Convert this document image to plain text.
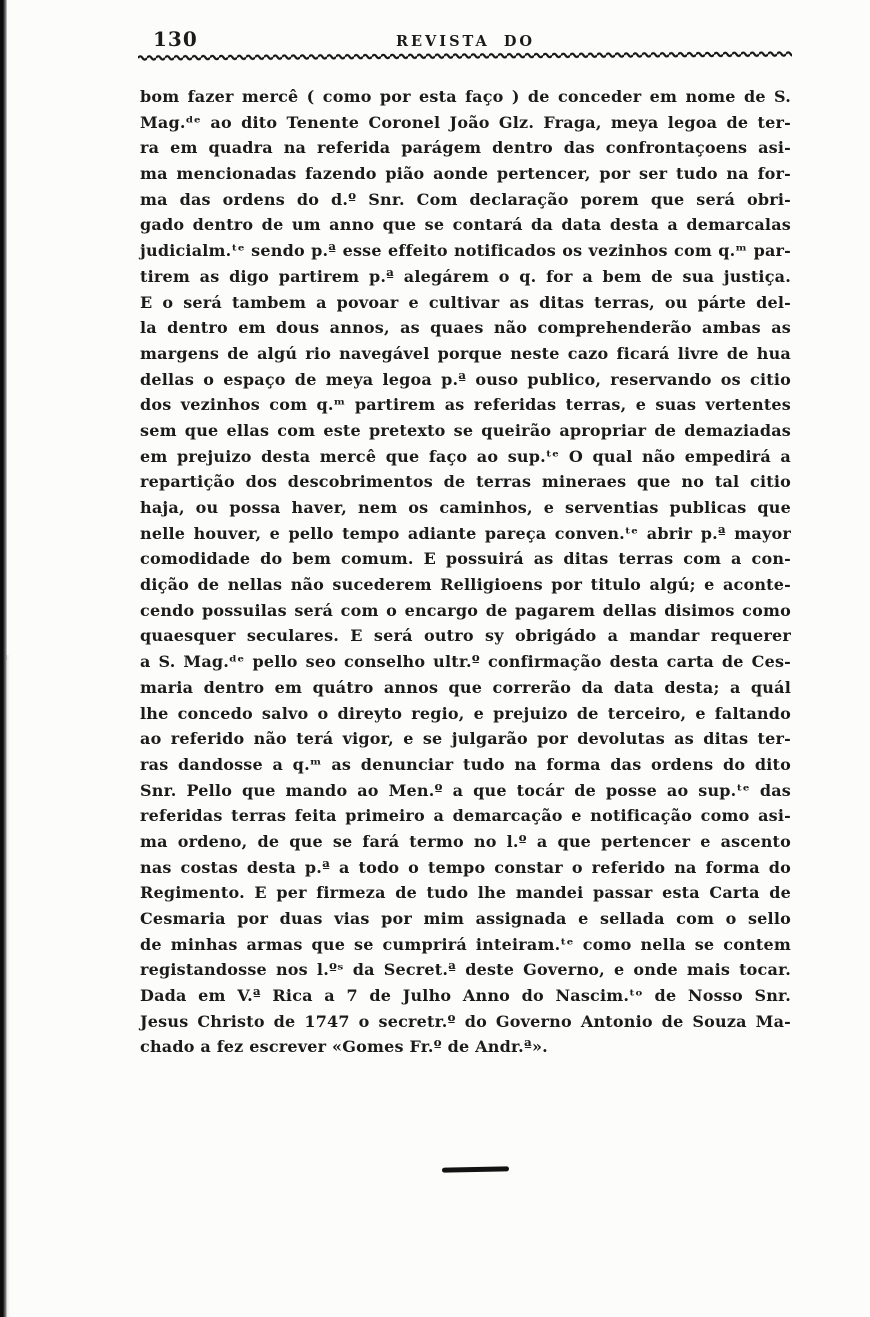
130	REVISTA DO
bom fazer mercê ( como por esta faço ) de conceder em nome de S.
Mag.ᵈᵉ ao dito Tenente Coronel João Glz. Fraga, meya legoa de ter-
ra em quadra na referida parágem dentro das confrontaçoens asi-
ma mencionadas fazendo pião aonde pertencer, por ser tudo na for-
ma das ordens do d.º Snr. Com declaração porem que será obri-
gado dentro de um anno que se contará da data desta a demarcalas
judicialm.ᵗᵉ sendo p.ª esse effeito notificados os vezinhos com q.ᵐ par-
tirem as digo partirem p.ª alegárem o q. for a bem de sua justiça.
E o será tambem a povoar e cultivar as ditas terras, ou párte del-
la dentro em dous annos, as quaes não comprehenderão ambas as
margens de algú rio navegável porque neste cazo ficará livre de hua
dellas o espaço de meya legoa p.ª ouso publico, reservando os citio
dos vezinhos com q.ᵐ partirem as referidas terras, e suas vertentes
sem que ellas com este pretexto se queirão apropriar de demaziadas
em prejuizo desta mercê que faço ao sup.ᵗᵉ O qual não empedirá a
repartição dos descobrimentos de terras mineraes que no tal citio
haja, ou possa haver, nem os caminhos, e serventias publicas que
nelle houver, e pello tempo adiante pareça conven.ᵗᵉ abrir p.ª mayor
comodidade do bem comum. E possuirá as ditas terras com a con-
dição de nellas não sucederem Relligioens por titulo algú; e aconte-
cendo possuilas será com o encargo de pagarem dellas disimos como
quaesquer seculares. E será outro sy obrigádo a mandar requerer
a S. Mag.ᵈᵉ pello seo conselho ultr.º confirmação desta carta de Ces-
maria dentro em quátro annos que correrão da data desta; a quál
lhe concedo salvo o direyto regio, e prejuizo de terceiro, e faltando
ao referido não terá vigor, e se julgarão por devolutas as ditas ter-
ras dandosse a q.ᵐ as denunciar tudo na forma das ordens do dito
Snr. Pello que mando ao Men.º a que tocár de posse ao sup.ᵗᵉ das
referidas terras feita primeiro a demarcação e notificação como asi-
ma ordeno, de que se fará termo no l.º a que pertencer e ascento
nas costas desta p.ª a todo o tempo constar o referido na forma do
Regimento. E per firmeza de tudo lhe mandei passar esta Carta de
Cesmaria por duas vias por mim assignada e sellada com o sello
de minhas armas que se cumprirá inteiram.ᵗᵉ como nella se contem
registandosse nos l.ºˢ da Secret.ª deste Governo, e onde mais tocar.
Dada em V.ª Rica a 7 de Julho Anno do Nascim.ᵗᵒ de Nosso Snr.
Jesus Christo de 1747 o secretr.º do Governo Antonio de Souza Ma-
chado a fez escrever «Gomes Fr.º de Andr.ª».
